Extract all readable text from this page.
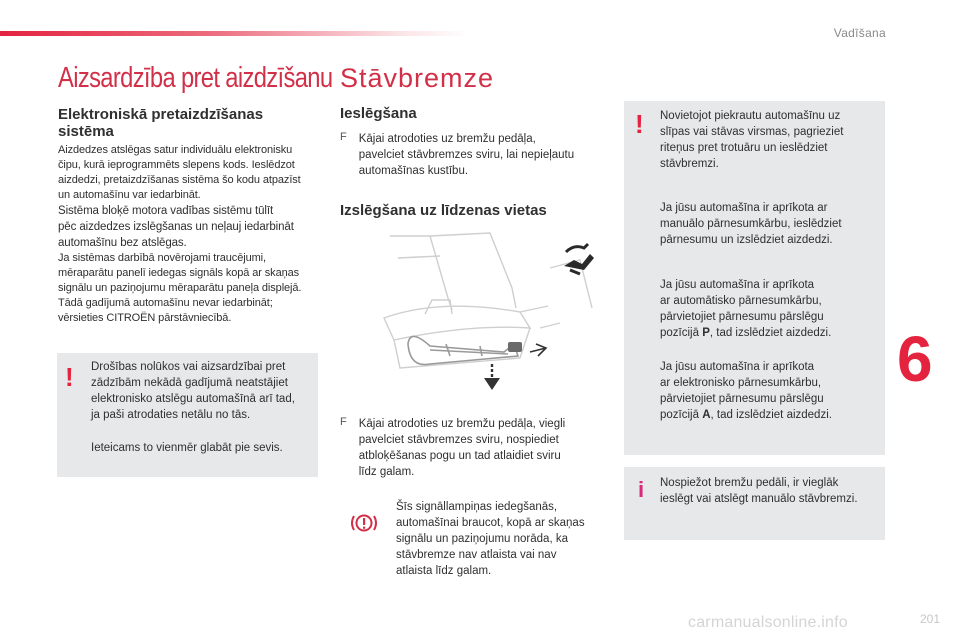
Vadīšana
6
201
carmanualsonline.info
Aizsardzība pret aizdzīšanu
Elektroniskā pretaizdzīšanas
sistēma
Aizdedzes atslēgas satur individuālu elektronisku
čipu, kurā ieprogrammēts slepens kods. Ieslēdzot
aizdedzi, pretaizdzīšanas sistēma šo kodu atpazīst
un automašīnu var iedarbināt.
Sistēma bloķē motora vadības sistēmu tūlīt
pēc aizdedzes izslēgšanas un neļauj iedarbināt
automašīnu bez atslēgas.
Ja sistēmas darbībā novērojami traucējumi,
mēraparātu panelī iedegas signāls kopā ar skaņas
signālu un paziņojumu mēraparātu paneļa displejā.
Tādā gadījumā automašīnu nevar iedarbināt;
vērsieties CITROËN pārstāvniecībā.
! Drošības nolūkos vai aizsardzībai pret
zādzībām nekādā gadījumā neatstājiet
elektronisko atslēgu automašīnā arī tad,
ja paši atrodaties netālu no tās.
Ieteicams to vienmēr glabāt pie sevis.
Stāvbremze
Ieslēgšana
F Kājai atrodoties uz bremžu pedāļa,
pavelciet stāvbremzes sviru, lai nepieļautu
automašīnas kustību.
Izslēgšana uz līdzenas vietas
F Kājai atrodoties uz bremžu pedāļa, viegli
pavelciet stāvbremzes sviru, nospiediet
atbloķēšanas pogu un tad atlaidiet sviru
līdz galam.
Šīs signāllampiņas iedegšanās,
automašīnai braucot, kopā ar skaņas
signālu un paziņojumu norāda, ka
stāvbremze nav atlaista vai nav
atlaista līdz galam.
! Novietojot piekrautu automašīnu uz
slīpas vai stāvas virsmas, pagrieziet
riteņus pret trotuāru un ieslēdziet
stāvbremzi.
Ja jūsu automašīna ir aprīkota ar
manuālo pārnesumkārbu, ieslēdziet
pārnesumu un izslēdziet aizdedzi.
Ja jūsu automašīna ir aprīkota
ar automātisko pārnesumkārbu,
pārvietojiet pārnesumu pārslēgu
pozīcijā P, tad izslēdziet aizdedzi.
Ja jūsu automašīna ir aprīkota
ar elektronisko pārnesumkārbu,
pārvietojiet pārnesumu pārslēgu
pozīcijā A, tad izslēdziet aizdedzi.
i Nospiežot bremžu pedāli, ir vieglāk
ieslēgt vai atslēgt manuālo stāvbremzi.
